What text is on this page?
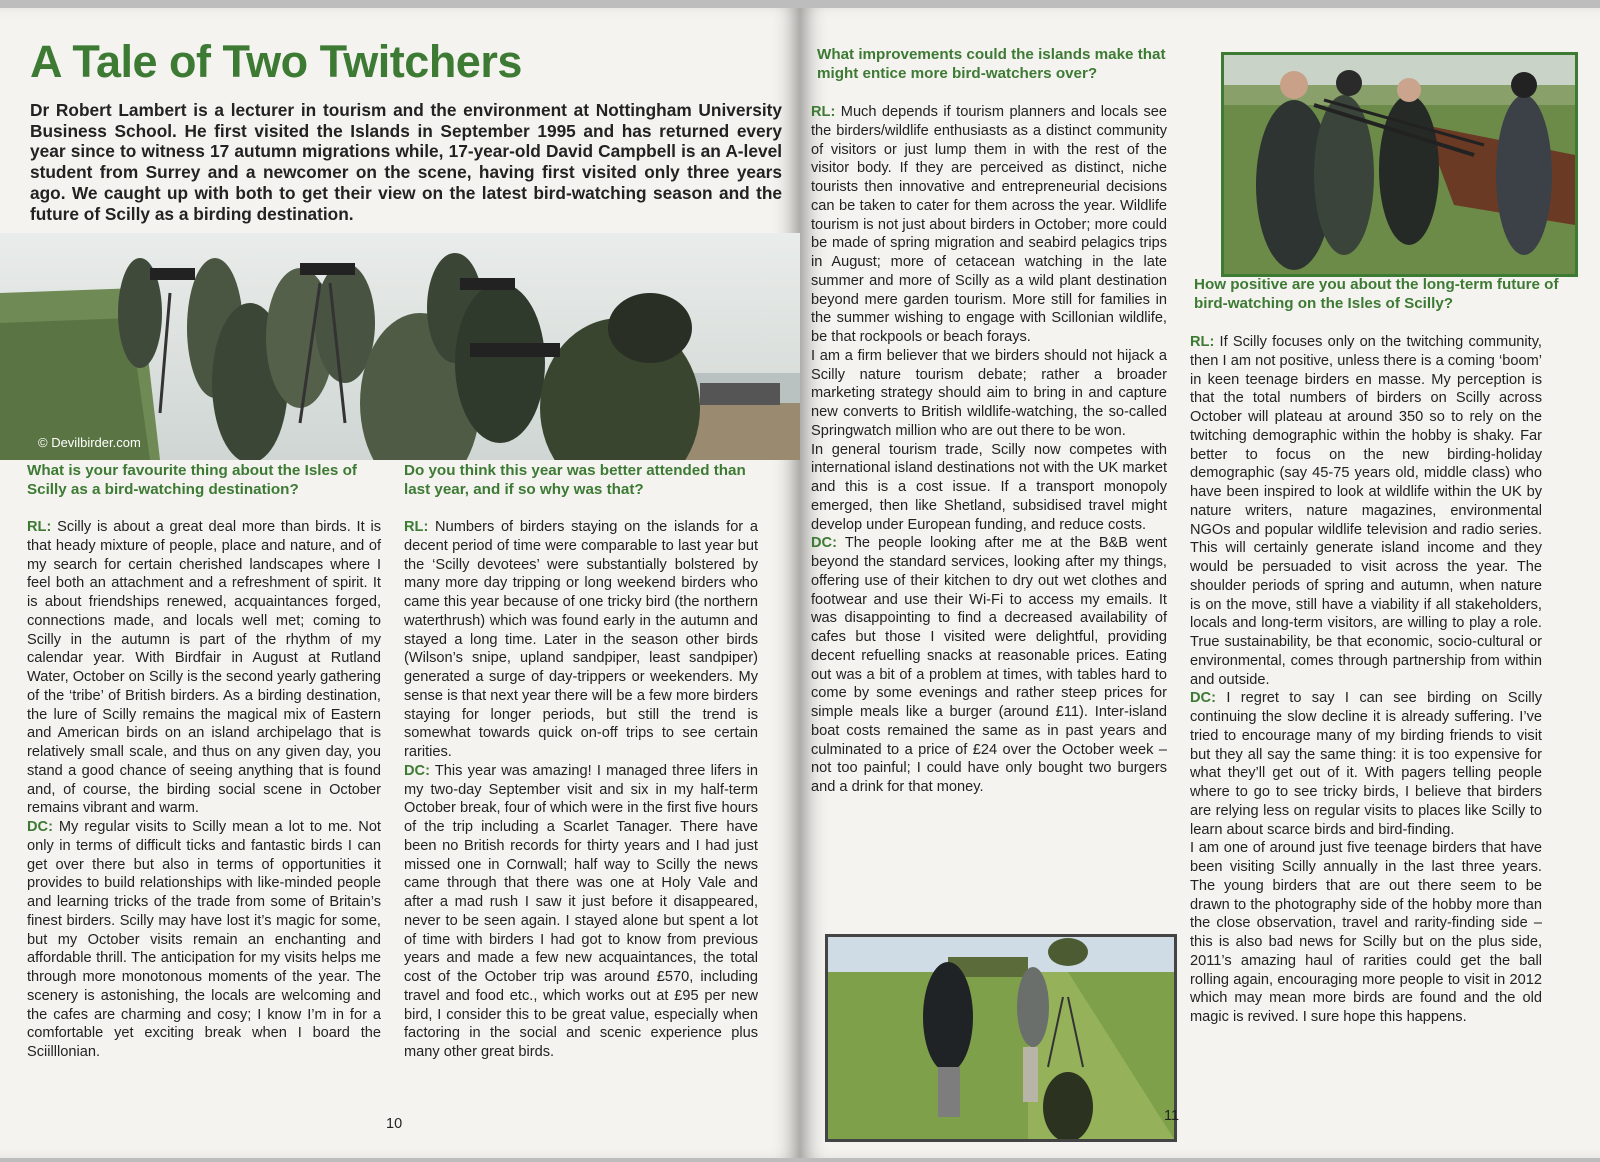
A Tale of Two Twitchers

Dr Robert Lambert is a lecturer in tourism and the environment at Nottingham University Business School. He first visited the Islands in September 1995 and has returned every year since to witness 17 autumn migrations while, 17-year-old David Campbell is an A-level student from Surrey and a newcomer on the scene, having first visited only three years ago. We caught up with both to get their view on the latest bird-watching season and the future of Scilly as a birding destination.

© Devilbirder.com
What is your favourite thing about the Isles of Scilly as a bird-watching destination?

RL: Scilly is about a great deal more than birds. It is that heady mixture of people, place and nature, and of my search for certain cherished landscapes where I feel both an attachment and a refreshment of spirit. It is about friendships renewed, acquaintances forged, connections made, and locals well met; coming to Scilly in the autumn is part of the rhythm of my calendar year. With Birdfair in August at Rutland Water, October on Scilly is the second yearly gathering of the ‘tribe’ of British birders. As a birding destination, the lure of Scilly remains the magical mix of Eastern and American birds on an island archipelago that is relatively small scale, and thus on any given day, you stand a good chance of seeing anything that is found and, of course, the birding social scene in October remains vibrant and warm.

DC: My regular visits to Scilly mean a lot to me. Not only in terms of difficult ticks and fantastic birds I can get over there but also in terms of opportunities it provides to build relationships with like-minded people and learning tricks of the trade from some of Britain’s finest birders. Scilly may have lost it’s magic for some, but my October visits remain an enchanting and affordable thrill. The anticipation for my visits helps me through more monotonous moments of the year. The scenery is astonishing, the locals are welcoming and the cafes are charming and cosy; I know I’m in for a comfortable yet exciting break when I board the Sciilllonian.

Do you think this year was better attended than last year, and if so why was that?

RL: Numbers of birders staying on the islands for a decent period of time were comparable to last year but the ‘Scilly devotees’ were substantially bolstered by many more day tripping or long weekend birders who came this year because of one tricky bird (the northern waterthrush) which was found early in the autumn and stayed a long time. Later in the season other birds (Wilson’s snipe, upland sandpiper, least sandpiper) generated a surge of day-trippers or weekenders. My sense is that next year there will be a few more birders staying for longer periods, but still the trend is somewhat towards quick on-off trips to see certain rarities.

DC: This year was amazing! I managed three lifers in my two-day September visit and six in my half-term October break, four of which were in the first five hours of the trip including a Scarlet Tanager. There have been no British records for thirty years and I had just missed one in Cornwall; half way to Scilly the news came through that there was one at Holy Vale and after a mad rush I saw it just before it disappeared, never to be seen again. I stayed alone but spent a lot of time with birders I had got to know from previous years and made a few new acquaintances, the total cost of the October trip was around £570, including travel and food etc., which works out at £95 per new bird, I consider this to be great value, especially when factoring in the social and scenic experience plus many other great birds.

10
What improvements could the islands make that might entice more bird-watchers over?

RL: Much depends if tourism planners and locals see the birders/wildlife enthusiasts as a distinct community of visitors or just lump them in with the rest of the visitor body. If they are perceived as distinct, niche tourists then innovative and entrepreneurial decisions can be taken to cater for them across the year. Wildlife tourism is not just about birders in October; more could be made of spring migration and seabird pelagics trips in August; more of cetacean watching in the late summer and more of Scilly as a wild plant destination beyond mere garden tourism. More still for families in the summer wishing to engage with Scillonian wildlife, be that rockpools or beach forays.

I am a firm believer that we birders should not hijack a Scilly nature tourism debate; rather a broader marketing strategy should aim to bring in and capture new converts to British wildlife-watching, the so-called Springwatch million who are out there to be won.

In general tourism trade, Scilly now competes with international island destinations not with the UK market and this is a cost issue. If a transport monopoly emerged, then like Shetland, subsidised travel might develop under European funding, and reduce costs.

DC: The people looking after me at the B&B went beyond the standard services, looking after my things, offering use of their kitchen to dry out wet clothes and footwear and use their Wi-Fi to access my emails. It was disappointing to find a decreased availability of cafes but those I visited were delightful, providing decent refuelling snacks at reasonable prices. Eating out was a bit of a problem at times, with tables hard to come by some evenings and rather steep prices for simple meals like a burger (around £11). Inter-island boat costs remained the same as in past years and culminated to a price of £24 over the October week – not too painful; I could have only bought two burgers and a drink for that money.

How positive are you about the long-term future of bird-watching on the Isles of Scilly?

RL: If Scilly focuses only on the twitching community, then I am not positive, unless there is a coming ‘boom’ in keen teenage birders en masse. My perception is that the total numbers of birders on Scilly across October will plateau at around 350 so to rely on the twitching demographic within the hobby is shaky. Far better to focus on the new birding-holiday demographic (say 45-75 years old, middle class) who have been inspired to look at wildlife within the UK by nature writers, nature magazines, environmental NGOs and popular wildlife television and radio series. This will certainly generate island income and they would be persuaded to visit across the year. The shoulder periods of spring and autumn, when nature is on the move, still have a viability if all stakeholders, locals and long-term visitors, are willing to play a role. True sustainability, be that economic, socio-cultural or environmental, comes through partnership from within and outside.

DC: I regret to say I can see birding on Scilly continuing the slow decline it is already suffering. I’ve tried to encourage many of my birding friends to visit but they all say the same thing: it is too expensive for what they’ll get out of it. With pagers telling people where to go to see tricky birds, I believe that birders are relying less on regular visits to places like Scilly to learn about scarce birds and bird-finding.

I am one of around just five teenage birders that have been visiting Scilly annually in the last three years. The young birders that are out there seem to be drawn to the photography side of the hobby more than the close observation, travel and rarity-finding side – this is also bad news for Scilly but on the plus side, 2011’s amazing haul of rarities could get the ball rolling again, encouraging more people to visit in 2012 which may mean more birds are found and the old magic is revived. I sure hope this happens.

11
